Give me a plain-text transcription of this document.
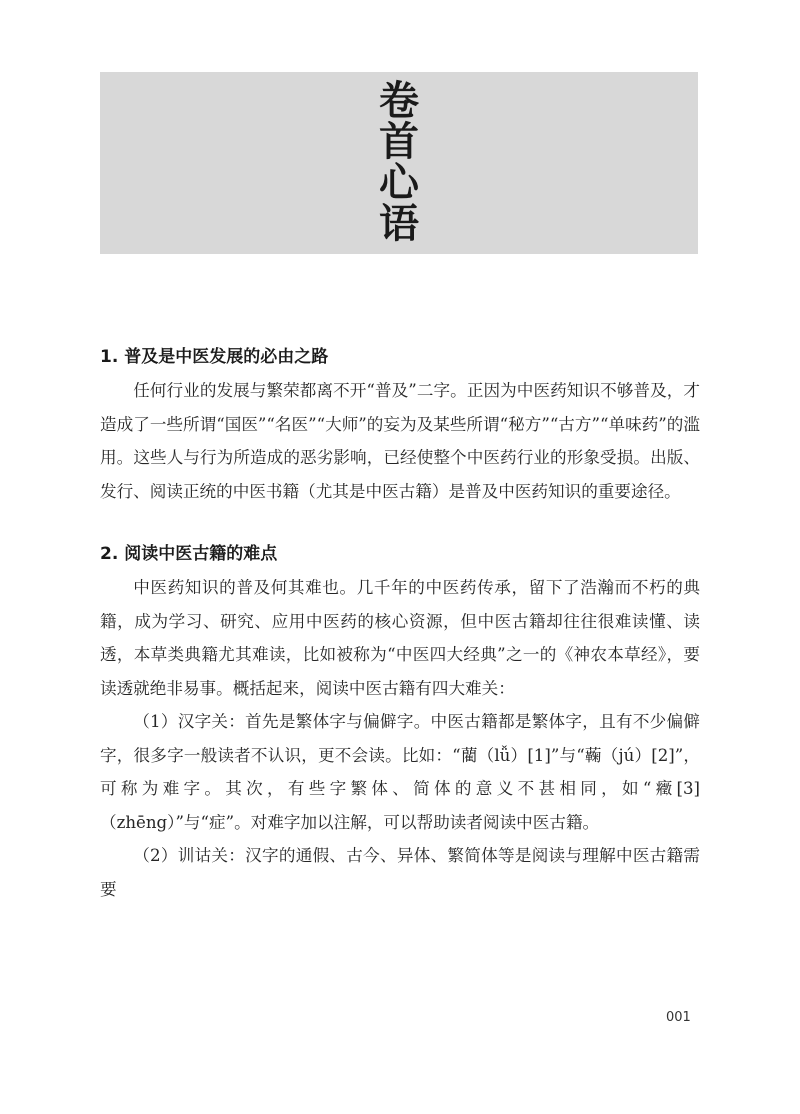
卷
首
心
语
1. 普及是中医发展的必由之路

任何行业的发展与繁荣都离不开“普及”二字。正因为中医药知识不够普及，才造成了一些所谓“国医”“名医”“大师”的妄为及某些所谓“秘方”“古方”“单味药”的滥用。这些人与行为所造成的恶劣影响，已经使整个中医药行业的形象受损。出版、发行、阅读正统的中医书籍（尤其是中医古籍）是普及中医药知识的重要途径。

2. 阅读中医古籍的难点

中医药知识的普及何其难也。几千年的中医药传承，留下了浩瀚而不朽的典籍，成为学习、研究、应用中医药的核心资源，但中医古籍却往往很难读懂、读透，本草类典籍尤其难读，比如被称为“中医四大经典”之一的《神农本草经》，要读透就绝非易事。概括起来，阅读中医古籍有四大难关：

（1）汉字关：首先是繁体字与偏僻字。中医古籍都是繁体字，且有不少偏僻字，很多字一般读者不认识，更不会读。比如：“藺（lǚ）[1]”与“蘜（jú）[2]”，可称为难字。其次，有些字繁体、简体的意义不甚相同，如“癥[3]（zhēng）”与“症”。对难字加以注解，可以帮助读者阅读中医古籍。

（2）训诂关：汉字的通假、古今、异体、繁简体等是阅读与理解中医古籍需要

001
